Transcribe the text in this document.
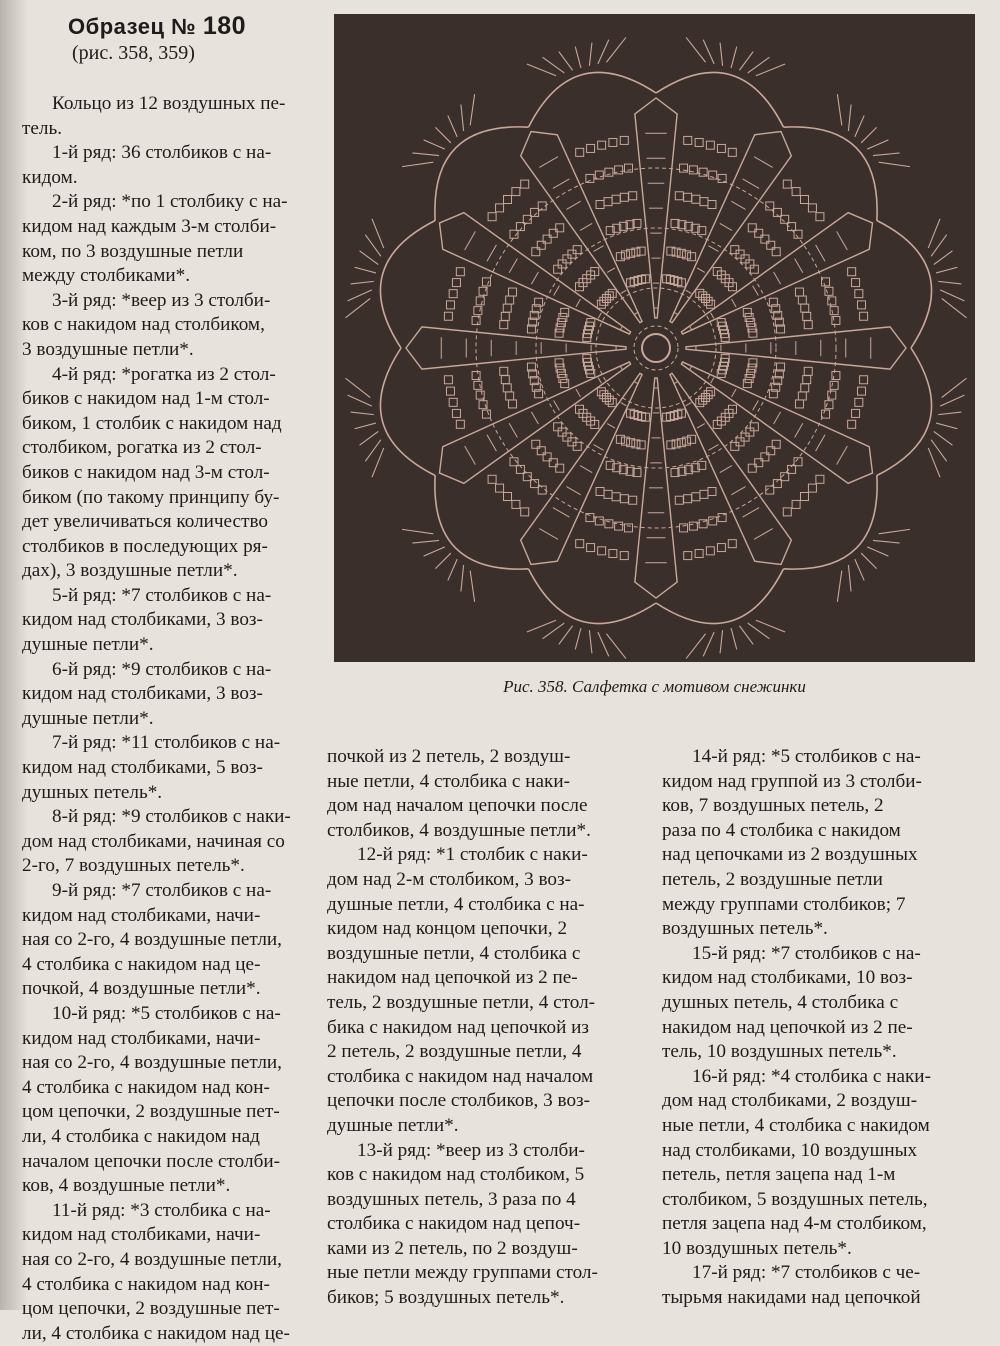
Образец № 180
(рис. 358, 359)

Кольцо из 12 воздушных пе-

тель.

1-й ряд: 36 столбиков с на-

кидом.

2-й ряд: *по 1 столбику с на-

кидом над каждым 3-м столби-

ком, по 3 воздушные петли

между столбиками*.

3-й ряд: *веер из 3 столби-

ков с накидом над столбиком,

3 воздушные петли*.

4-й ряд: *рогатка из 2 стол-

биков с накидом над 1-м стол-

биком, 1 столбик с накидом над

столбиком, рогатка из 2 стол-

биков с накидом над 3-м стол-

биком (по такому принципу бу-

дет увеличиваться количество

столбиков в последующих ря-

дах), 3 воздушные петли*.

5-й ряд: *7 столбиков с на-

кидом над столбиками, 3 воз-

душные петли*.

6-й ряд: *9 столбиков с на-

кидом над столбиками, 3 воз-

душные петли*.

7-й ряд: *11 столбиков с на-

кидом над столбиками, 5 воз-

душных петель*.

8-й ряд: *9 столбиков с наки-

дом над столбиками, начиная со

2-го, 7 воздушных петель*.

9-й ряд: *7 столбиков с на-

кидом над столбиками, начи-

ная со 2-го, 4 воздушные петли,

4 столбика с накидом над це-

почкой, 4 воздушные петли*.

10-й ряд: *5 столбиков с на-

кидом над столбиками, начи-

ная со 2-го, 4 воздушные петли,

4 столбика с накидом над кон-

цом цепочки, 2 воздушные пет-

ли, 4 столбика с накидом над

началом цепочки после столби-

ков, 4 воздушные петли*.

11-й ряд: *3 столбика с на-

кидом над столбиками, начи-

ная со 2-го, 4 воздушные петли,

4 столбика с накидом над кон-

цом цепочки, 2 воздушные пет-

ли, 4 столбика с накидом над це-

почкой из 2 петель, 2 воздуш-

ные петли, 4 столбика с наки-

дом над началом цепочки после

столбиков, 4 воздушные петли*.

12-й ряд: *1 столбик с наки-

дом над 2-м столбиком, 3 воз-

душные петли, 4 столбика с на-

кидом над концом цепочки, 2

воздушные петли, 4 столбика с

накидом над цепочкой из 2 пе-

тель, 2 воздушные петли, 4 стол-

бика с накидом над цепочкой из

2 петель, 2 воздушные петли, 4

столбика с накидом над началом

цепочки после столбиков, 3 воз-

душные петли*.

13-й ряд: *веер из 3 столби-

ков с накидом над столбиком, 5

воздушных петель, 3 раза по 4

столбика с накидом над цепоч-

ками из 2 петель, по 2 воздуш-

ные петли между группами стол-

биков; 5 воздушных петель*.

14-й ряд: *5 столбиков с на-

кидом над группой из 3 столби-

ков, 7 воздушных петель, 2

раза по 4 столбика с накидом

над цепочками из 2 воздушных

петель, 2 воздушные петли

между группами столбиков; 7

воздушных петель*.

15-й ряд: *7 столбиков с на-

кидом над столбиками, 10 воз-

душных петель, 4 столбика с

накидом над цепочкой из 2 пе-

тель, 10 воздушных петель*.

16-й ряд: *4 столбика с наки-

дом над столбиками, 2 воздуш-

ные петли, 4 столбика с накидом

над столбиками, 10 воздушных

петель, петля зацепа над 1-м

столбиком, 5 воздушных петель,

петля зацепа над 4-м столбиком,

10 воздушных петель*.

17-й ряд: *7 столбиков с че-

тырьмя накидами над цепочкой

Рис. 358. Салфетка с мотивом снежинки
